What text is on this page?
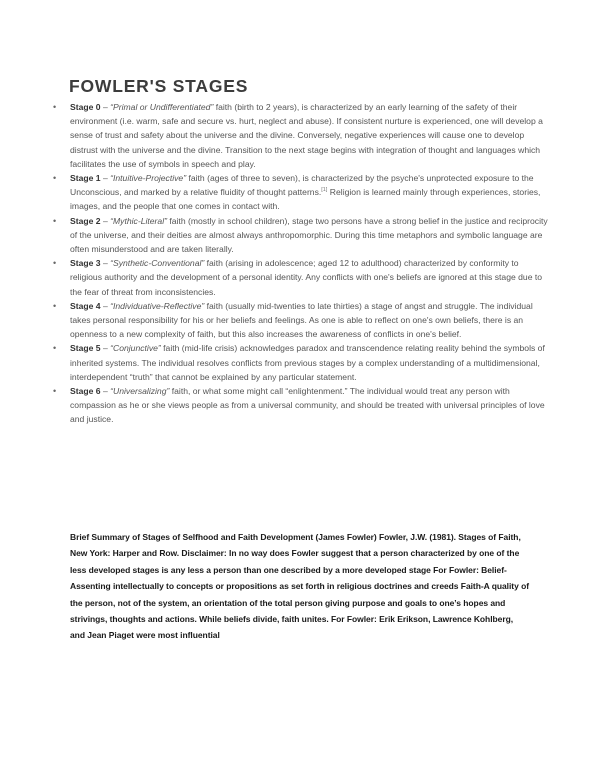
FOWLER'S STAGES
• Stage 0 – “Primal or Undifferentiated” faith (birth to 2 years), is characterized by an early learning of the safety of their environment (i.e. warm, safe and secure vs. hurt, neglect and abuse). If consistent nurture is experienced, one will develop a sense of trust and safety about the universe and the divine. Conversely, negative experiences will cause one to develop distrust with the universe and the divine. Transition to the next stage begins with integration of thought and languages which facilitates the use of symbols in speech and play.
• Stage 1 – “Intuitive-Projective” faith (ages of three to seven), is characterized by the psyche's unprotected exposure to the Unconscious, and marked by a relative fluidity of thought patterns.[1] Religion is learned mainly through experiences, stories, images, and the people that one comes in contact with.
• Stage 2 – “Mythic-Literal” faith (mostly in school children), stage two persons have a strong belief in the justice and reciprocity of the universe, and their deities are almost always anthropomorphic. During this time metaphors and symbolic language are often misunderstood and are taken literally.
• Stage 3 – “Synthetic-Conventional” faith (arising in adolescence; aged 12 to adulthood) characterized by conformity to religious authority and the development of a personal identity. Any conflicts with one's beliefs are ignored at this stage due to the fear of threat from inconsistencies.
• Stage 4 – “Individuative-Reflective” faith (usually mid-twenties to late thirties) a stage of angst and struggle. The individual takes personal responsibility for his or her beliefs and feelings. As one is able to reflect on one's own beliefs, there is an openness to a new complexity of faith, but this also increases the awareness of conflicts in one's belief.
• Stage 5 – “Conjunctive” faith (mid-life crisis) acknowledges paradox and transcendence relating reality behind the symbols of inherited systems. The individual resolves conflicts from previous stages by a complex understanding of a multidimensional, interdependent “truth” that cannot be explained by any particular statement.
• Stage 6 – “Universalizing” faith, or what some might call “enlightenment.” The individual would treat any person with compassion as he or she views people as from a universal community, and should be treated with universal principles of love and justice.

Brief Summary of Stages of Selfhood and Faith Development (James Fowler) Fowler, J.W. (1981). Stages of Faith, New York: Harper and Row. Disclaimer: In no way does Fowler suggest that a person characterized by one of the less developed stages is any less a person than one described by a more developed stage For Fowler: Belief- Assenting intellectually to concepts or propositions as set forth in religious doctrines and creeds Faith-A quality of the person, not of the system, an orientation of the total person giving purpose and goals to one’s hopes and strivings, thoughts and actions. While beliefs divide, faith unites. For Fowler: Erik Erikson, Lawrence Kohlberg, and Jean Piaget were most influential
